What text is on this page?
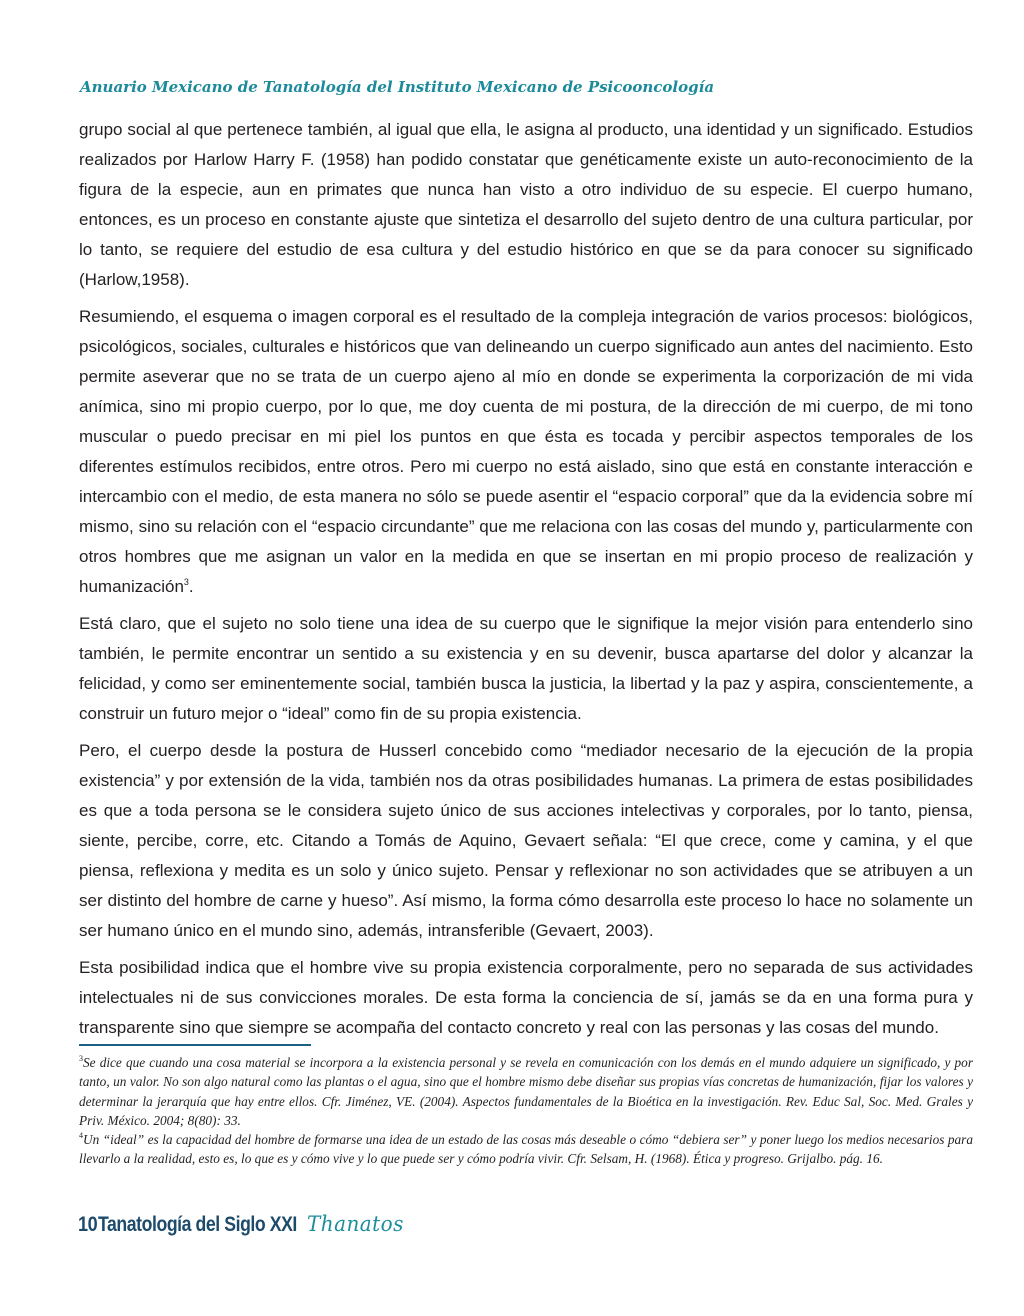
Anuario Mexicano de Tanatología del Instituto Mexicano de Psicooncología

grupo social al que pertenece también, al igual que ella, le asigna al producto, una identidad y un significado. Estudios realizados por Harlow Harry F. (1958) han podido constatar que genéticamente existe un auto-reconocimiento de la figura de la especie, aun en primates que nunca han visto a otro individuo de su especie. El cuerpo humano, entonces, es un proceso en constante ajuste que sintetiza el desarrollo del sujeto dentro de una cultura particular, por lo tanto, se requiere del estudio de esa cultura y del estudio histórico en que se da para conocer su significado (Harlow,1958).

Resumiendo, el esquema o imagen corporal es el resultado de la compleja integración de varios procesos: biológicos, psicológicos, sociales, culturales e históricos que van delineando un cuerpo significado aun antes del nacimiento. Esto permite aseverar que no se trata de un cuerpo ajeno al mío en donde se experimenta la corporización de mi vida anímica, sino mi propio cuerpo, por lo que, me doy cuenta de mi postura, de la dirección de mi cuerpo, de mi tono muscular o puedo precisar en mi piel los puntos en que ésta es tocada y percibir aspectos temporales de los diferentes estímulos recibidos, entre otros. Pero mi cuerpo no está aislado, sino que está en constante interacción e intercambio con el medio, de esta manera no sólo se puede asentir el “espacio corporal” que da la evidencia sobre mí mismo, sino su relación con el “espacio circundante” que me relaciona con las cosas del mundo y, particularmente con otros hombres que me asignan un valor en la medida en que se insertan en mi propio proceso de realización y humanización$^3$.

Está claro, que el sujeto no solo tiene una idea de su cuerpo que le signifique la mejor visión para entenderlo sino también, le permite encontrar un sentido a su existencia y en su devenir, busca apartarse del dolor y alcanzar la felicidad, y como ser eminentemente social, también busca la justicia, la libertad y la paz y aspira, conscientemente, a construir un futuro mejor o “ideal” como fin de su propia existencia.

Pero, el cuerpo desde la postura de Husserl concebido como “mediador necesario de la ejecución de la propia existencia” y por extensión de la vida, también nos da otras posibilidades humanas. La primera de estas posibilidades es que a toda persona se le considera sujeto único de sus acciones intelectivas y corporales, por lo tanto, piensa, siente, percibe, corre, etc. Citando a Tomás de Aquino, Gevaert señala: “El que crece, come y camina, y el que piensa, reflexiona y medita es un solo y único sujeto. Pensar y reflexionar no son actividades que se atribuyen a un ser distinto del hombre de carne y hueso”. Así mismo, la forma cómo desarrolla este proceso lo hace no solamente un ser humano único en el mundo sino, además, intransferible (Gevaert, 2003).

Esta posibilidad indica que el hombre vive su propia existencia corporalmente, pero no separada de sus actividades intelectuales ni de sus convicciones morales. De esta forma la conciencia de sí, jamás se da en una forma pura y transparente sino que siempre se acompaña del contacto concreto y real con las personas y las cosas del mundo.

$^3$Se dice que cuando una cosa material se incorpora a la existencia personal y se revela en comunicación con los demás en el mundo adquiere un significado, y por tanto, un valor. No son algo natural como las plantas o el agua, sino que el hombre mismo debe diseñar sus propias vías concretas de humanización, fijar los valores y determinar la jerarquía que hay entre ellos. Cfr. Jiménez, VE. (2004). Aspectos fundamentales de la Bioética en la investigación. Rev. Educ Sal, Soc. Med. Grales y Priv. México. 2004; 8(80): 33.

$^4$Un “ideal” es la capacidad del hombre de formarse una idea de un estado de las cosas más deseable o cómo “debiera ser” y poner luego los medios necesarios para llevarlo a la realidad, esto es, lo que es y cómo vive y lo que puede ser y cómo podría vivir. Cfr. Selsam, H. (1968). Ética y progreso. Grijalbo. pág. 16.

10 Tanatología del Siglo XXI Thanatos
